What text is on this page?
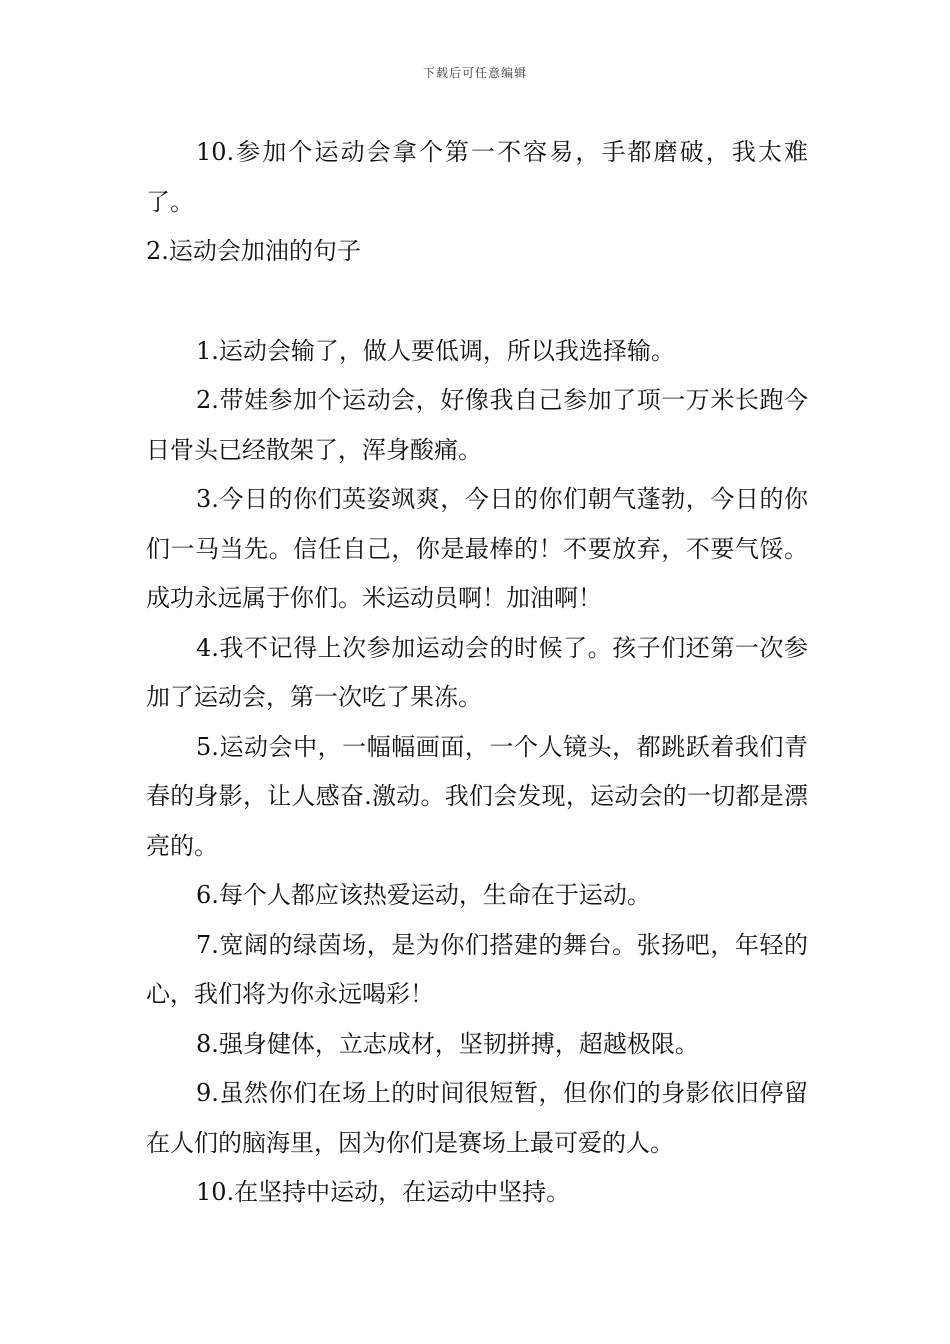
下载后可任意编辑

10.参加个运动会拿个第一不容易，手都磨破，我太难了。

2.运动会加油的句子

1.运动会输了，做人要低调，所以我选择输。

2.带娃参加个运动会，好像我自己参加了项一万米长跑今日骨头已经散架了，浑身酸痛。

3.今日的你们英姿飒爽，今日的你们朝气蓬勃，今日的你们一马当先。信任自己，你是最棒的！不要放弃，不要气馁。成功永远属于你们。米运动员啊！加油啊！

4.我不记得上次参加运动会的时候了。孩子们还第一次参加了运动会，第一次吃了果冻。

5.运动会中，一幅幅画面，一个人镜头，都跳跃着我们青春的身影，让人感奋.激动。我们会发现，运动会的一切都是漂亮的。

6.每个人都应该热爱运动，生命在于运动。

7.宽阔的绿茵场，是为你们搭建的舞台。张扬吧，年轻的心，我们将为你永远喝彩！

8.强身健体，立志成材，坚韧拼搏，超越极限。

9.虽然你们在场上的时间很短暂，但你们的身影依旧停留在人们的脑海里，因为你们是赛场上最可爱的人。

10.在坚持中运动，在运动中坚持。
